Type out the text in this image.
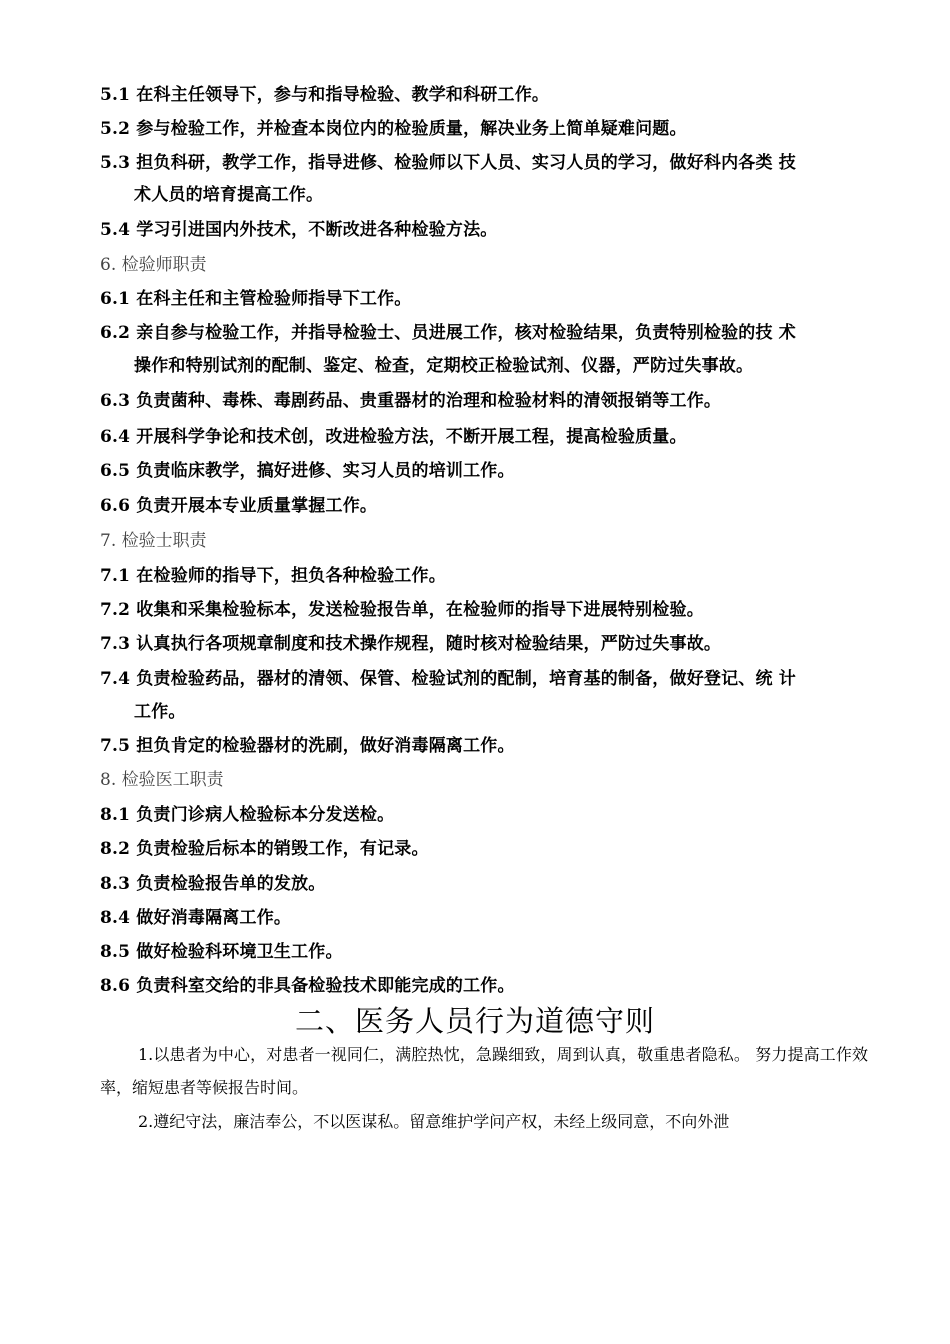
5.1 在科主任领导下，参与和指导检验、教学和科研工作。
5.2 参与检验工作，并检查本岗位内的检验质量，解决业务上简单疑难问题。
5.3 担负科研，教学工作，指导进修、检验师以下人员、实习人员的学习，做好科内各类 技
术人员的培育提高工作。
5.4 学习引进国内外技术，不断改进各种检验方法。
6. 检验师职责
6.1 在科主任和主管检验师指导下工作。
6.2 亲自参与检验工作，并指导检验士、员进展工作，核对检验结果，负责特别检验的技 术
操作和特别试剂的配制、鉴定、检查，定期校正检验试剂、仪器，严防过失事故。
6.3 负责菌种、毒株、毒剧药品、贵重器材的治理和检验材料的清领报销等工作。
6.4 开展科学争论和技术创，改进检验方法，不断开展工程，提高检验质量。
6.5 负责临床教学，搞好进修、实习人员的培训工作。
6.6 负责开展本专业质量掌握工作。
7. 检验士职责
7.1 在检验师的指导下，担负各种检验工作。
7.2 收集和采集检验标本，发送检验报告单，在检验师的指导下进展特别检验。
7.3 认真执行各项规章制度和技术操作规程，随时核对检验结果，严防过失事故。
7.4 负责检验药品，器材的清领、保管、检验试剂的配制，培育基的制备，做好登记、统 计
工作。
7.5 担负肯定的检验器材的洗刷，做好消毒隔离工作。
8. 检验医工职责
8.1 负责门诊病人检验标本分发送检。
8.2 负责检验后标本的销毁工作，有记录。
8.3 负责检验报告单的发放。
8.4 做好消毒隔离工作。
8.5 做好检验科环境卫生工作。
8.6 负责科室交给的非具备检验技术即能完成的工作。
二、医务人员行为道德守则
1.以患者为中心，对患者一视同仁，满腔热忱，急躁细致，周到认真，敬重患者隐私。 努力提高工作效率，缩短患者等候报告时间。
2.遵纪守法，廉洁奉公，不以医谋私。留意维护学问产权，未经上级同意，不向外泄
